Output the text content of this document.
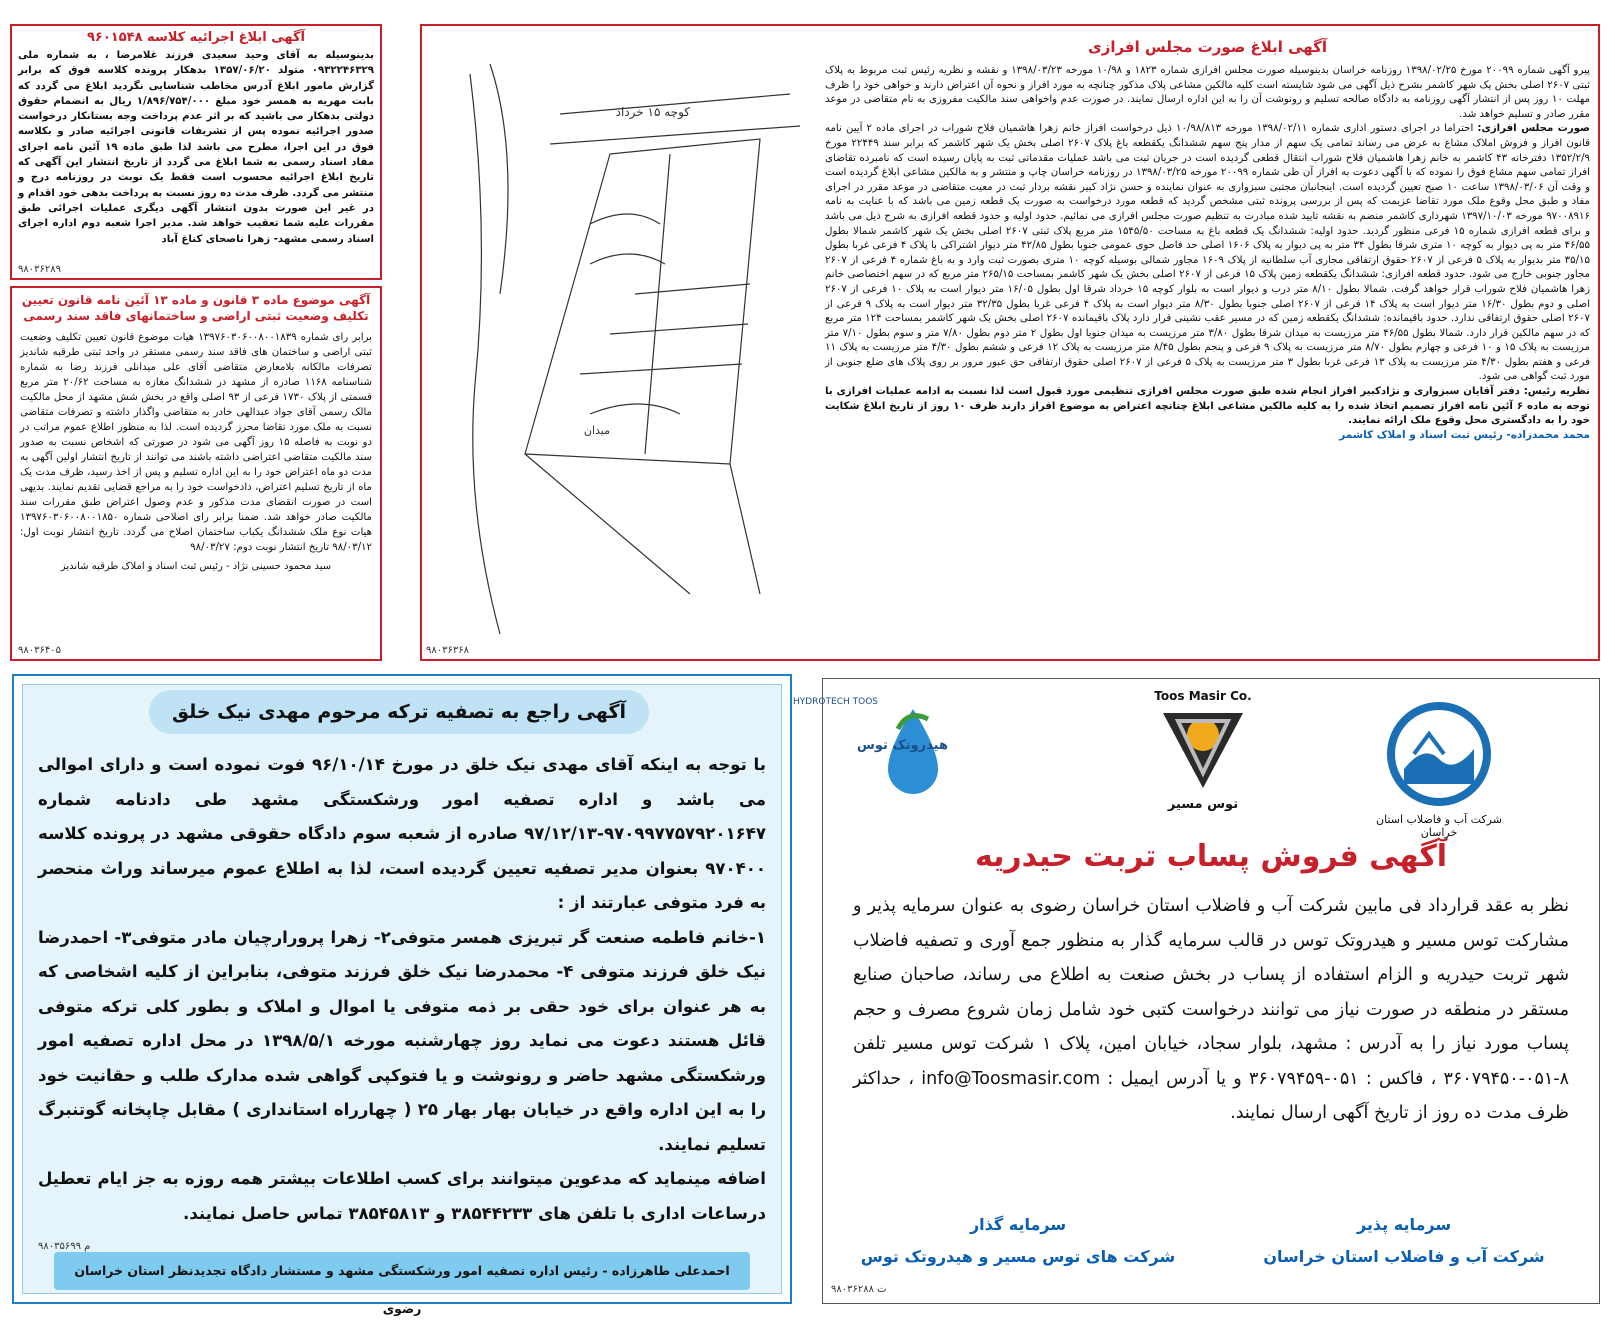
آگهی ابلاغ اجرائیه کلاسه ۹۶۰۱۵۴۸

بدینوسیله به آقای وحید سعیدی فرزند غلامرضا ، به شماره ملی ۰۹۳۲۲۴۶۳۲۹ متولد ۱۳۵۷/۰۶/۲۰ بدهکار پرونده کلاسه فوق که برابر گزارش مامور ابلاغ آدرس مخاطب شناسایی نگردید ابلاغ می گردد که بابت مهریه به همسر خود مبلغ ۱/۸۹۶/۷۵۴/۰۰۰ ریال به انضمام حقوق دولتی بدهکار می باشید که بر اثر عدم پرداخت وجه بستانکار درخواست صدور اجرائیه نموده پس از تشریفات قانونی اجرائیه صادر و بکلاسه فوق در این اجرا، مطرح می باشد لذا طبق ماده ۱۹ آئین نامه اجرای مفاد اسناد رسمی به شما ابلاغ می گردد از تاریخ انتشار این آگهی که تاریخ ابلاغ اجرائیه محسوب است فقط یک نوبت در روزنامه درج و منتشر می گردد. ظرف مدت ده روز نسبت به پرداخت بدهی خود اقدام و در غیر این صورت بدون انتشار آگهی دیگری عملیات اجرائی طبق مقررات علیه شما تعقیب خواهد شد. مدیر اجرا شعبه دوم اداره اجرای اسناد رسمی مشهد- زهرا ناصحای کناغ آباد

۹۸۰۳۶۲۸۹
آگهی موضوع ماده ۳ قانون و ماده ۱۳ آئین نامه قانون تعیین تکلیف وضعیت ثبتی اراضی و ساختمانهای فاقد سند رسمی

برابر رای شماره ۱۳۹۷۶۰۳۰۶۰۰۸۰۰۱۸۳۹ هیات موضوع قانون تعیین تکلیف وضعیت ثبتی اراضی و ساختمان های فاقد سند رسمی مستقر در واحد ثبتی طرقبه شاندیز تصرفات مالکانه بلامعارض متقاضی آقای علی میدانلی فرزند رضا به شماره شناسنامه ۱۱۶۸ صادره از مشهد در ششدانگ مغازه به مساحت ۲۰/۶۲ متر مربع قسمتی از پلاک ۱۷۳۰ فرعی از ۹۳ اصلی واقع در بخش شش مشهد از محل مالکیت مالک رسمی آقای جواد عبدالهی خادر به متقاضی واگذار داشته و تصرفات متقاضی نسبت به ملک مورد تقاضا محرز گردیده است. لذا به منظور اطلاع عموم مراتب در دو نوبت به فاصله ۱۵ روز آگهی می شود در صورتی که اشخاص نسبت به صدور سند مالکیت متقاضی اعتراضی داشته باشند می توانند از تاریخ انتشار اولین آگهی به مدت دو ماه اعتراض خود را به این اداره تسلیم و پس از اخذ رسید، ظرف مدت یک ماه از تاریخ تسلیم اعتراض، دادخواست خود را به مراجع قضایی تقدیم نمایند. بدیهی است در صورت انقضای مدت مذکور و عدم وصول اعتراض طبق مقررات سند مالکیت صادر خواهد شد. ضمنا برابر رای اصلاحی شماره ۱۳۹۷۶۰۳۰۶۰۰۸۰۰۱۸۵۰ هیات نوع ملک ششدانگ یکباب ساختمان اصلاح می گردد. تاریخ انتشار نوبت اول: ۹۸/۰۳/۱۲ تاریخ انتشار نوبت دوم: ۹۸/۰۳/۲۷

سید محمود حسینی نژاد - رئیس ثبت اسناد و املاک طرقبه شاندیز
۹۸۰۳۶۴۰۵
کوچه ۱۵ خرداد
میدان
آگهی ابلاغ صورت مجلس افرازی

پیرو آگهی شماره ۲۰۰۹۹ مورخ ۱۳۹۸/۰۲/۲۵ روزنامه خراسان بدینوسیله صورت مجلس افرازی شماره ۱۸۲۳ و ۱۰/۹۸ مورخه ۱۳۹۸/۰۳/۲۳ و نقشه و نظریه رئیس ثبت مربوط به پلاک ثبتی ۲۶۰۷ اصلی بخش یک شهر کاشمر بشرح ذیل آگهی می شود شایسته است کلیه مالکین مشاعی پلاک مذکور چنانچه به مورد افراز و نحوه آن اعتراض دارند و خواهی خود را ظرف مهلت ۱۰ روز پس از انتشار آگهی روزنامه به دادگاه صالحه تسلیم و رونوشت آن را به این اداره ارسال نمایند. در صورت عدم واخواهی سند مالکیت مفروزی به نام متقاضی در موعد مقرر صادر و تسلیم خواهد شد.

صورت مجلس افرازی: احتراما در اجرای دستور اداری شماره ۱۳۹۸/۰۲/۱۱ مورخه ۱۰/۹۸/۸۱۳ ذیل درخواست افراز خانم زهرا هاشمیان فلاح شوراب در اجرای ماده ۲ آیین نامه قانون افراز و فروش املاک مشاع به عرض می رساند تمامی یک سهم از مدار پنج سهم ششدانگ یکقطعه باغ پلاک ۲۶۰۷ اصلی بخش یک شهر کاشمر که برابر سند ۲۲۴۴۹ مورخ ۱۳۵۲/۲/۹ دفترخانه ۴۳ کاشمر به خانم زهرا هاشمیان فلاح شوراب انتقال قطعی گردیده است در جریان ثبت می باشد عملیات مقدماتی ثبت به پایان رسیده است که نامبرده تقاضای افراز تمامی سهم مشاع فوق را نموده که با آگهی دعوت به افراز آن طی شماره ۲۰۰۹۹ مورخه ۱۳۹۸/۰۳/۲۵ در روزنامه خراسان چاپ و منتشر و به مالکین مشاعی ابلاغ گردیده است و وقت آن ۱۳۹۸/۰۳/۰۶ ساعت ۱۰ صبح تعیین گردیده است. اینجانبان مجتبی سبزواری به عنوان نماینده و حسن نژاد کبیر نقشه بردار ثبت در معیت متقاضی در موعد مقرر در اجرای مفاد و طبق محل وقوع ملک مورد تقاضا عزیمت که پس از بررسی پرونده ثبتی مشخص گردید که قطعه مورد درخواست به صورت یک قطعه زمین می باشد که با عنایت به نامه ۹۷۰۰۸۹۱۶ مورخه ۱۳۹۷/۱۰/۰۳ شهرداری کاشمر منضم به نقشه تایید شده مبادرت به تنظیم صورت مجلس افرازی می نمائیم. حدود اولیه و حدود قطعه افرازی به شرح ذیل می باشد و برای قطعه افرازی شماره ۱۵ فرعی منظور گردید. حدود اولیه: ششدانگ یک قطعه باغ به مساحت ۱۵۴۵/۵۰ متر مربع پلاک ثبتی ۲۶۰۷ اصلی بخش یک شهر کاشمر شمالا بطول ۴۶/۵۵ متر به پی دیوار به کوچه ۱۰ متری شرقا بطول ۳۴ متر به پی دیوار به پلاک ۱۶۰۶ اصلی حد فاصل حوی عمومی جنوبا بطول ۴۲/۸۵ متر دیوار اشتراکی با پلاک ۴ فرعی غربا بطول ۳۵/۱۵ متر بدیوار به پلاک ۵ فرعی از ۲۶۰۷ حقوق ارتفاقی مجاری آب سلطانیه از پلاک ۱۶۰۹ مجاور شمالی بوسیله کوچه ۱۰ متری بصورت ثبت وارد و به باغ شماره ۴ فرعی از ۲۶۰۷ مجاور جنوبی خارج می شود. حدود قطعه افرازی: ششدانگ یکقطعه زمین پلاک ۱۵ فرعی از ۲۶۰۷ اصلی بخش یک شهر کاشمر بمساحت ۲۶۵/۱۵ متر مربع که در سهم اختصاصی خانم زهرا هاشمیان فلاح شوراب قرار خواهد گرفت. شمالا بطول ۸/۱۰ متر درب و دیوار است به بلوار کوچه ۱۵ خرداد شرقا اول بطول ۱۶/۰۵ متر دیوار است به پلاک ۱۰ فرعی از ۲۶۰۷ اصلی و دوم بطول ۱۶/۳۰ متر دیوار است به پلاک ۱۴ فرعی از ۲۶۰۷ اصلی جنوبا بطول ۸/۳۰ متر دیوار است به پلاک ۴ فرعی غربا بطول ۳۲/۳۵ متر دیوار است به پلاک ۹ فرعی از ۲۶۰۷ اصلی حقوق ارتفاقی ندارد. حدود باقیمانده: ششدانگ یکقطعه زمین که در مسیر عقب نشینی قرار دارد پلاک باقیمانده ۲۶۰۷ اصلی بخش یک شهر کاشمر بمساحت ۱۲۴ متر مربع که در سهم مالکین قرار دارد. شمالا بطول ۴۶/۵۵ متر مرزیست به میدان شرقا بطول ۳/۸۰ متر مرزیست به میدان جنوبا اول بطول ۲ متر دوم بطول ۷/۸۰ متر و سوم بطول ۷/۱۰ متر مرزیست به پلاک ۱۵ و ۱۰ فرعی و چهارم بطول ۸/۷۰ متر مرزیست به پلاک ۹ فرعی و پنجم بطول ۸/۴۵ متر مرزیست به پلاک ۱۲ فرعی و ششم بطول ۴/۳۰ متر مرزیست به پلاک ۱۱ فرعی و هفتم بطول ۴/۳۰ متر مرزیست به پلاک ۱۳ فرعی غربا بطول ۳ متر مرزیست به پلاک ۵ فرعی از ۲۶۰۷ اصلی حقوق ارتفاقی حق عبور مرور بر روی پلاک های ضلع جنوبی از مورد ثبت گواهی می شود.

نظریه رئیس: دفتر آقایان سبزواری و نژادکبیر افراز انجام شده طبق صورت مجلس افرازی تنظیمی مورد قبول است لذا نسبت به ادامه عملیات افرازی با توجه به ماده ۶ آئین نامه افراز تصمیم اتخاذ شده را به کلیه مالکین مشاعی ابلاغ چنانچه اعتراض به موضوع افراز دارند ظرف ۱۰ روز از تاریخ ابلاغ شکایت خود را به دادگستری محل وقوع ملک ارائه نمایند.

محمد محمدزاده- رئیس ثبت اسناد و املاک کاشمر
۹۸۰۳۶۳۶۸
آگهی راجع به تصفیه ترکه مرحوم مهدی نیک خلق

با توجه به اینکه آقای مهدی نیک خلق در مورخ ۹۶/۱۰/۱۴ فوت نموده است و دارای اموالی می باشد و اداره تصفیه امور ورشکستگی مشهد طی دادنامه شماره ۹۷۰۹۹۷۷۵۷۹۲۰۱۶۴۷-۹۷/۱۲/۱۳ صادره از شعبه سوم دادگاه حقوقی مشهد در پرونده کلاسه ۹۷۰۴۰۰ بعنوان مدیر تصفیه تعیین گردیده است، لذا به اطلاع عموم میرساند وراث منحصر به فرد متوفی عبارتند از :

۱-خانم فاطمه صنعت گر تبریزی همسر متوفی۲- زهرا پرورارچیان مادر متوفی۳- احمدرضا نیک خلق فرزند متوفی ۴- محمدرضا نیک خلق فرزند متوفی، بنابراین از کلیه اشخاصی که به هر عنوان برای خود حقی بر ذمه متوفی یا اموال و املاک و بطور کلی ترکه متوفی قائل هستند دعوت می نماید روز چهارشنبه مورخه ۱۳۹۸/۵/۱ در محل اداره تصفیه امور ورشکستگی مشهد حاضر و رونوشت و یا فتوکپی گواهی شده مدارک طلب و حقانیت خود را به این اداره واقع در خیابان بهار بهار ۲۵ ( چهارراه استانداری ) مقابل چاپخانه گوتنبرگ تسلیم نمایند.

اضافه مینماید که مدعوین میتوانند برای کسب اطلاعات بیشتر همه روزه به جز ایام تعطیل درساعات اداری با تلفن های ۳۸۵۴۴۲۳۳ و ۳۸۵۴۵۸۱۳ تماس حاصل نمایند.

۹۸۰۳۵۶۹۹ م
احمدعلی طاهرزاده - رئیس اداره تصفیه امور ورشکستگی مشهد و مستشار دادگاه تجدیدنظر استان خراسان رضوی
شرکت آب و فاضلاب استان خراسان
Toos Masir Co.
توس مسیر
هیدروتک توس
HYDROTECH TOOS
آگهی فروش پساب تربت حیدریه

نظر به عقد قرارداد فی مابین شرکت آب و فاضلاب استان خراسان رضوی به عنوان سرمایه پذیر و مشارکت توس مسیر و هیدروتک توس در قالب سرمایه گذار به منظور جمع آوری و تصفیه فاضلاب شهر تربت حیدریه و الزام استفاده از پساب در بخش صنعت به اطلاع می رساند، صاحبان صنایع مستقر در منطقه در صورت نیاز می توانند درخواست کتبی خود شامل زمان شروع مصرف و حجم پساب مورد نیاز را به آدرس : مشهد، بلوار سجاد، خیابان امین، پلاک ۱ شرکت توس مسیر تلفن ۸-۰۵۱-۳۶۰۷۹۴۵۰ ، فاکس : ۰۵۱-۳۶۰۷۹۴۵۹ و یا آدرس ایمیل : info@Toosmasir.com ، حداکثر ظرف مدت ده روز از تاریخ آگهی ارسال نمایند.

سرمایه پذیر
شرکت آب و فاضلاب استان خراسان
سرمایه گذار
شرکت های توس مسیر و هیدروتک توس
۹۸۰۳۶۲۸۸ ت
